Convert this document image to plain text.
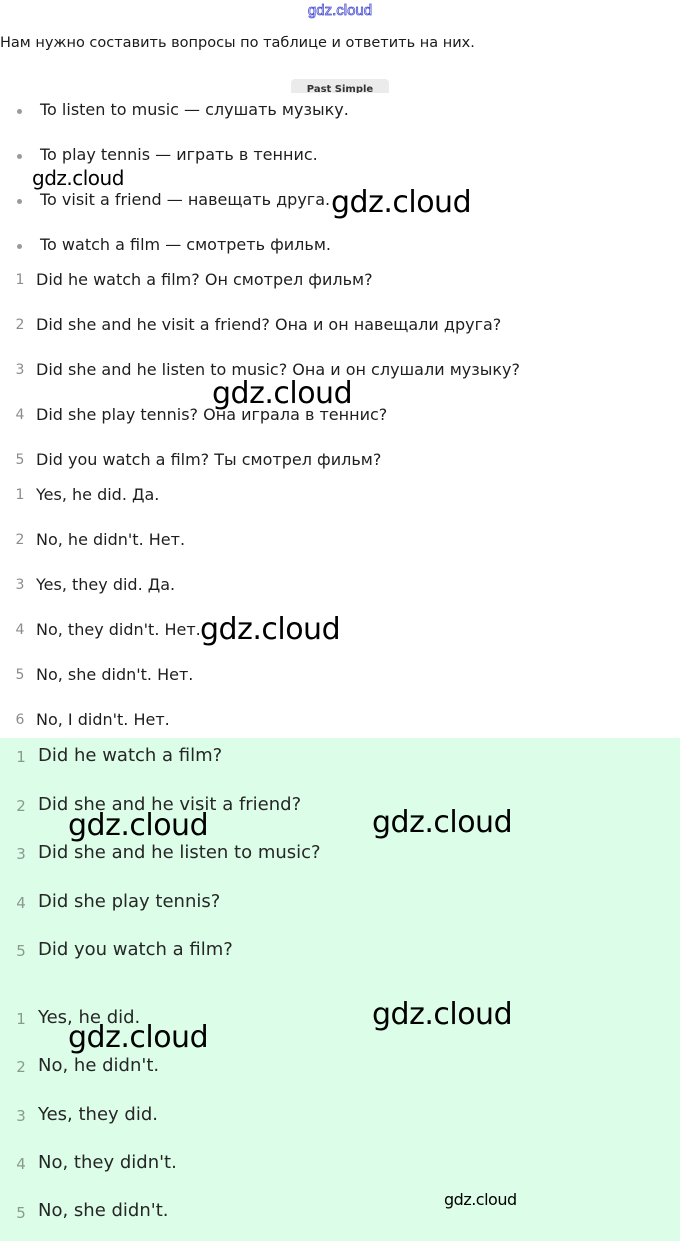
gdz.cloud
Нам нужно составить вопросы по таблице и ответить на них.
Past Simple
To listen to music — слушать музыку.
To play tennis — играть в теннис.
To visit a friend — навещать друга.
To watch a film — смотреть фильм.
1 Did he watch a film? Он смотрел фильм?
2 Did she and he visit a friend? Она и он навещали друга?
3 Did she and he listen to music? Она и он слушали музыку?
4 Did she play tennis? Она играла в теннис?
5 Did you watch a film? Ты смотрел фильм?
1 Yes, he did. Да.
2 No, he didn't. Нет.
3 Yes, they did. Да.
4 No, they didn't. Нет.
5 No, she didn't. Нет.
6 No, I didn't. Нет.
1 Did he watch a film?
2 Did she and he visit a friend?
3 Did she and he listen to music?
4 Did she play tennis?
5 Did you watch a film?
1 Yes, he did.
2 No, he didn't.
3 Yes, they did.
4 No, they didn't.
5 No, she didn't.
gdz.cloud
gdz.cloud
gdz.cloud
gdz.cloud
gdz.cloud	gdz.cloud
gdz.cloud
gdz.cloud
gdz.cloud
